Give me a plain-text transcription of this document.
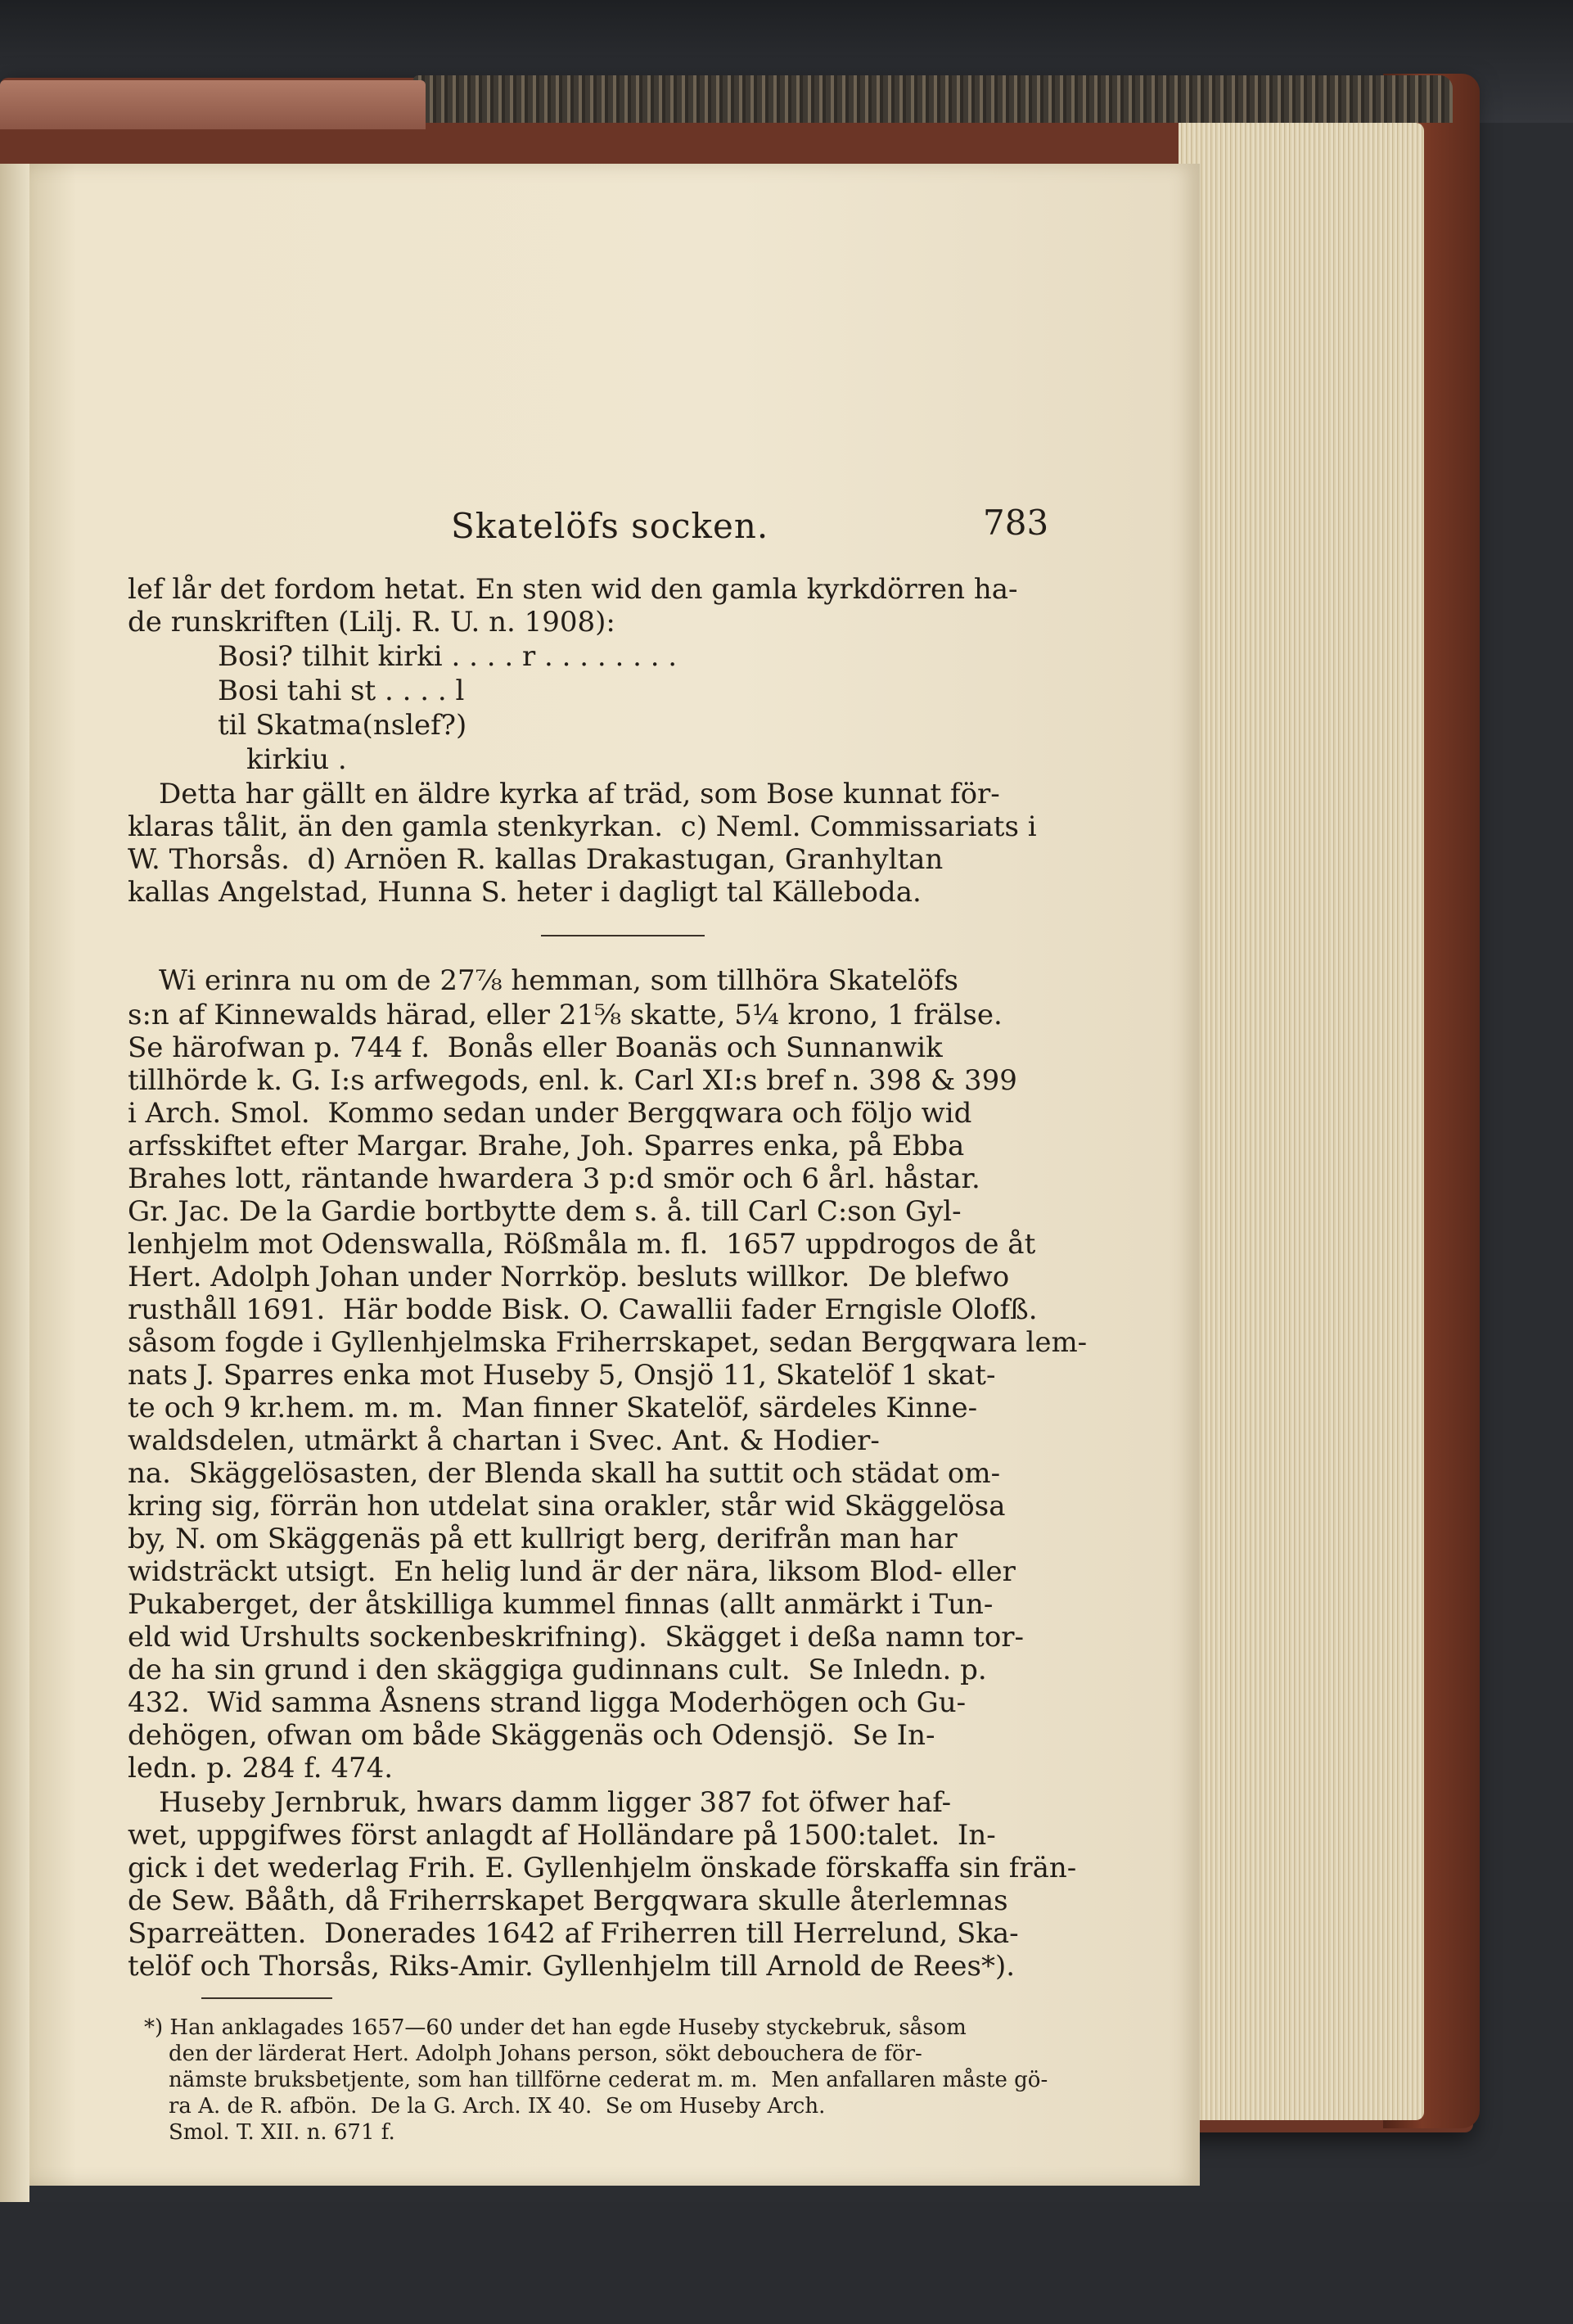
Skatelöfs socken.	783
lef lår det fordom hetat. En sten wid den gamla kyrkdörren ha-
de runskriften (Lilj. R. U. n. 1908):
Bosi? tilhit kirki . . . . r . . . . . . . .
Bosi tahi st . . . . l
til Skatma(nslef?)
kirkiu .
Detta har gällt en äldre kyrka af träd, som Bose kunnat för-
klaras tålit, än den gamla stenkyrkan.  c) Neml. Commissariats i
W. Thorsås.  d) Arnöen R. kallas Drakastugan, Granhyltan
kallas Angelstad, Hunna S. heter i dagligt tal Källeboda.
Wi erinra nu om de 27⅞ hemman, som tillhöra Skatelöfs
s:n af Kinnewalds härad, eller 21⅝ skatte, 5¼ krono, 1 frälse.
Se härofwan p. 744 f.  Bonås eller Boanäs och Sunnanwik
tillhörde k. G. I:s arfwegods, enl. k. Carl XI:s bref n. 398 & 399
i Arch. Smol.  Kommo sedan under Bergqwara och följo wid
arfsskiftet efter Margar. Brahe, Joh. Sparres enka, på Ebba
Brahes lott, räntande hwardera 3 p:d smör och 6 årl. håstar.
Gr. Jac. De la Gardie bortbytte dem s. å. till Carl C:son Gyl-
lenhjelm mot Odenswalla, Rößmåla m. fl.  1657 uppdrogos de åt
Hert. Adolph Johan under Norrköp. besluts willkor.  De blefwo
rusthåll 1691.  Här bodde Bisk. O. Cawallii fader Erngisle Olofß.
såsom fogde i Gyllenhjelmska Friherrskapet, sedan Bergqwara lem-
nats J. Sparres enka mot Huseby 5, Onsjö 11, Skatelöf 1 skat-
te och 9 kr.hem. m. m.  Man finner Skatelöf, särdeles Kinne-
waldsdelen, utmärkt å chartan i Svec. Ant. & Hodier-
na.  Skäggelösasten, der Blenda skall ha suttit och städat om-
kring sig, förrän hon utdelat sina orakler, står wid Skäggelösa
by, N. om Skäggenäs på ett kullrigt berg, derifrån man har
widsträckt utsigt.  En helig lund är der nära, liksom Blod- eller
Pukaberget, der åtskilliga kummel finnas (allt anmärkt i Tun-
eld wid Urshults sockenbeskrifning).  Skägget i deßa namn tor-
de ha sin grund i den skäggiga gudinnans cult.  Se Inledn. p.
432.  Wid samma Åsnens strand ligga Moderhögen och Gu-
dehögen, ofwan om både Skäggenäs och Odensjö.  Se In-
ledn. p. 284 f. 474.
Huseby Jernbruk, hwars damm ligger 387 fot öfwer haf-
wet, uppgifwes först anlagdt af Holländare på 1500:talet.  In-
gick i det wederlag Frih. E. Gyllenhjelm önskade förskaffa sin frän-
de Sew. Bååth, då Friherrskapet Bergqwara skulle återlemnas
Sparreätten.  Donerades 1642 af Friherren till Herrelund, Ska-
telöf och Thorsås, Riks-Amir. Gyllenhjelm till Arnold de Rees*).
*) Han anklagades 1657—60 under det han egde Huseby styckebruk, såsom
den der lärderat Hert. Adolph Johans person, sökt debouchera de för-
nämste bruksbetjente, som han tillförne cederat m. m.  Men anfallaren måste gö-
ra A. de R. afbön.  De la G. Arch. IX 40.  Se om Huseby Arch.
Smol. T. XII. n. 671 f.
